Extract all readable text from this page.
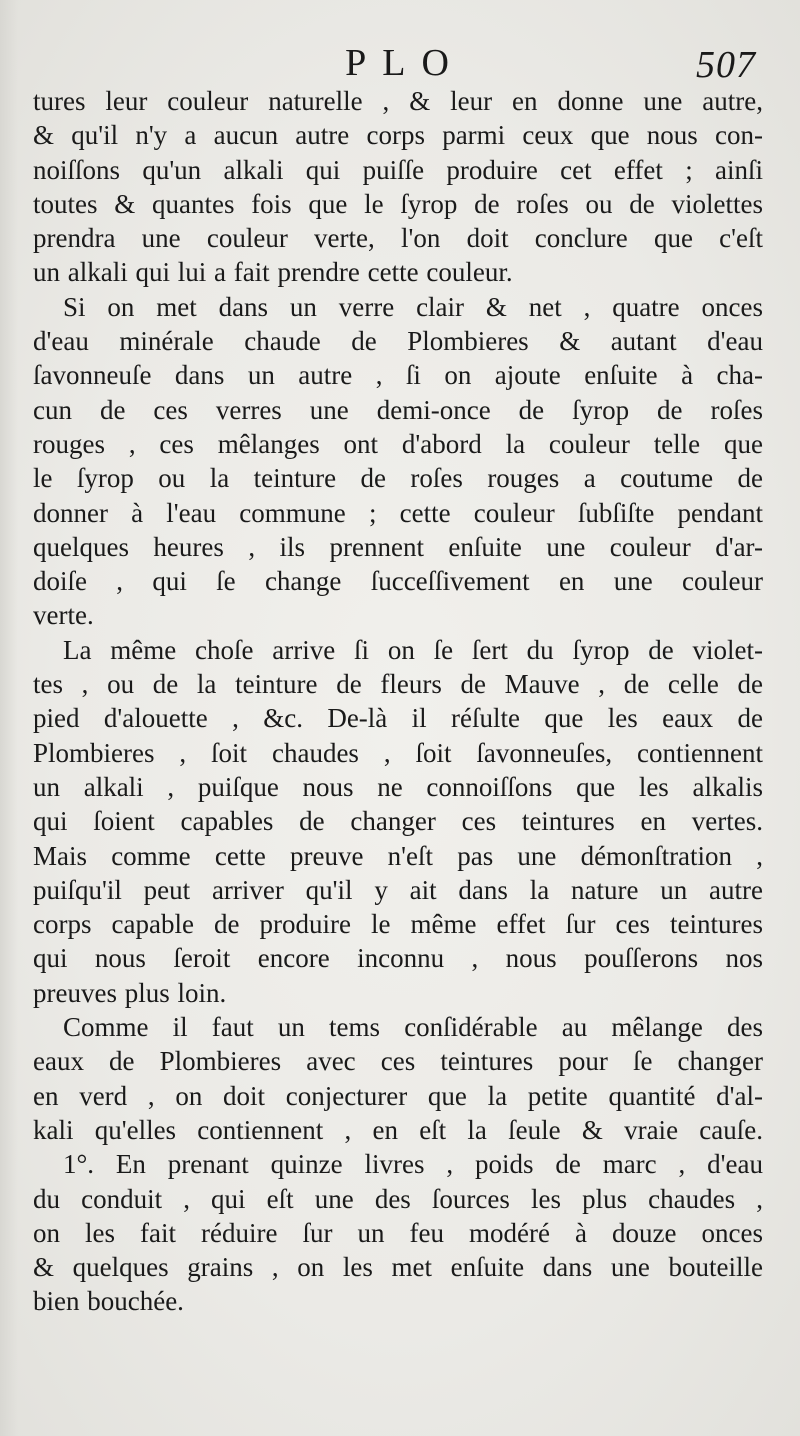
PLO	507
tures leur couleur naturelle , & leur en donne une autre,
& qu'il n'y a aucun autre corps parmi ceux que nous con-
noiſſons qu'un alkali qui puiſſe produire cet effet ; ainſi
toutes & quantes fois que le ſyrop de roſes ou de violettes
prendra une couleur verte, l'on doit conclure que c'eſt
un alkali qui lui a fait prendre cette couleur.
Si on met dans un verre clair & net , quatre onces
d'eau minérale chaude de Plombieres & autant d'eau
ſavonneuſe dans un autre , ſi on ajoute enſuite à cha-
cun de ces verres une demi-once de ſyrop de roſes
rouges , ces mêlanges ont d'abord la couleur telle que
le ſyrop ou la teinture de roſes rouges a coutume de
donner à l'eau commune ; cette couleur ſubſiſte pendant
quelques heures , ils prennent enſuite une couleur d'ar-
doiſe , qui ſe change ſucceſſivement en une couleur
verte.
La même choſe arrive ſi on ſe ſert du ſyrop de violet-
tes , ou de la teinture de fleurs de Mauve , de celle de
pied d'alouette , &c. De-là il réſulte que les eaux de
Plombieres , ſoit chaudes , ſoit ſavonneuſes, contiennent
un alkali , puiſque nous ne connoiſſons que les alkalis
qui ſoient capables de changer ces teintures en vertes.
Mais comme cette preuve n'eſt pas une démonſtration ,
puiſqu'il peut arriver qu'il y ait dans la nature un autre
corps capable de produire le même effet ſur ces teintures
qui nous ſeroit encore inconnu , nous pouſſerons nos
preuves plus loin.
Comme il faut un tems conſidérable au mêlange des
eaux de Plombieres avec ces teintures pour ſe changer
en verd , on doit conjecturer que la petite quantité d'al-
kali qu'elles contiennent , en eſt la ſeule & vraie cauſe.
1°. En prenant quinze livres , poids de marc , d'eau
du conduit , qui eſt une des ſources les plus chaudes ,
on les fait réduire ſur un feu modéré à douze onces
& quelques grains , on les met enſuite dans une bouteille
bien bouchée.
